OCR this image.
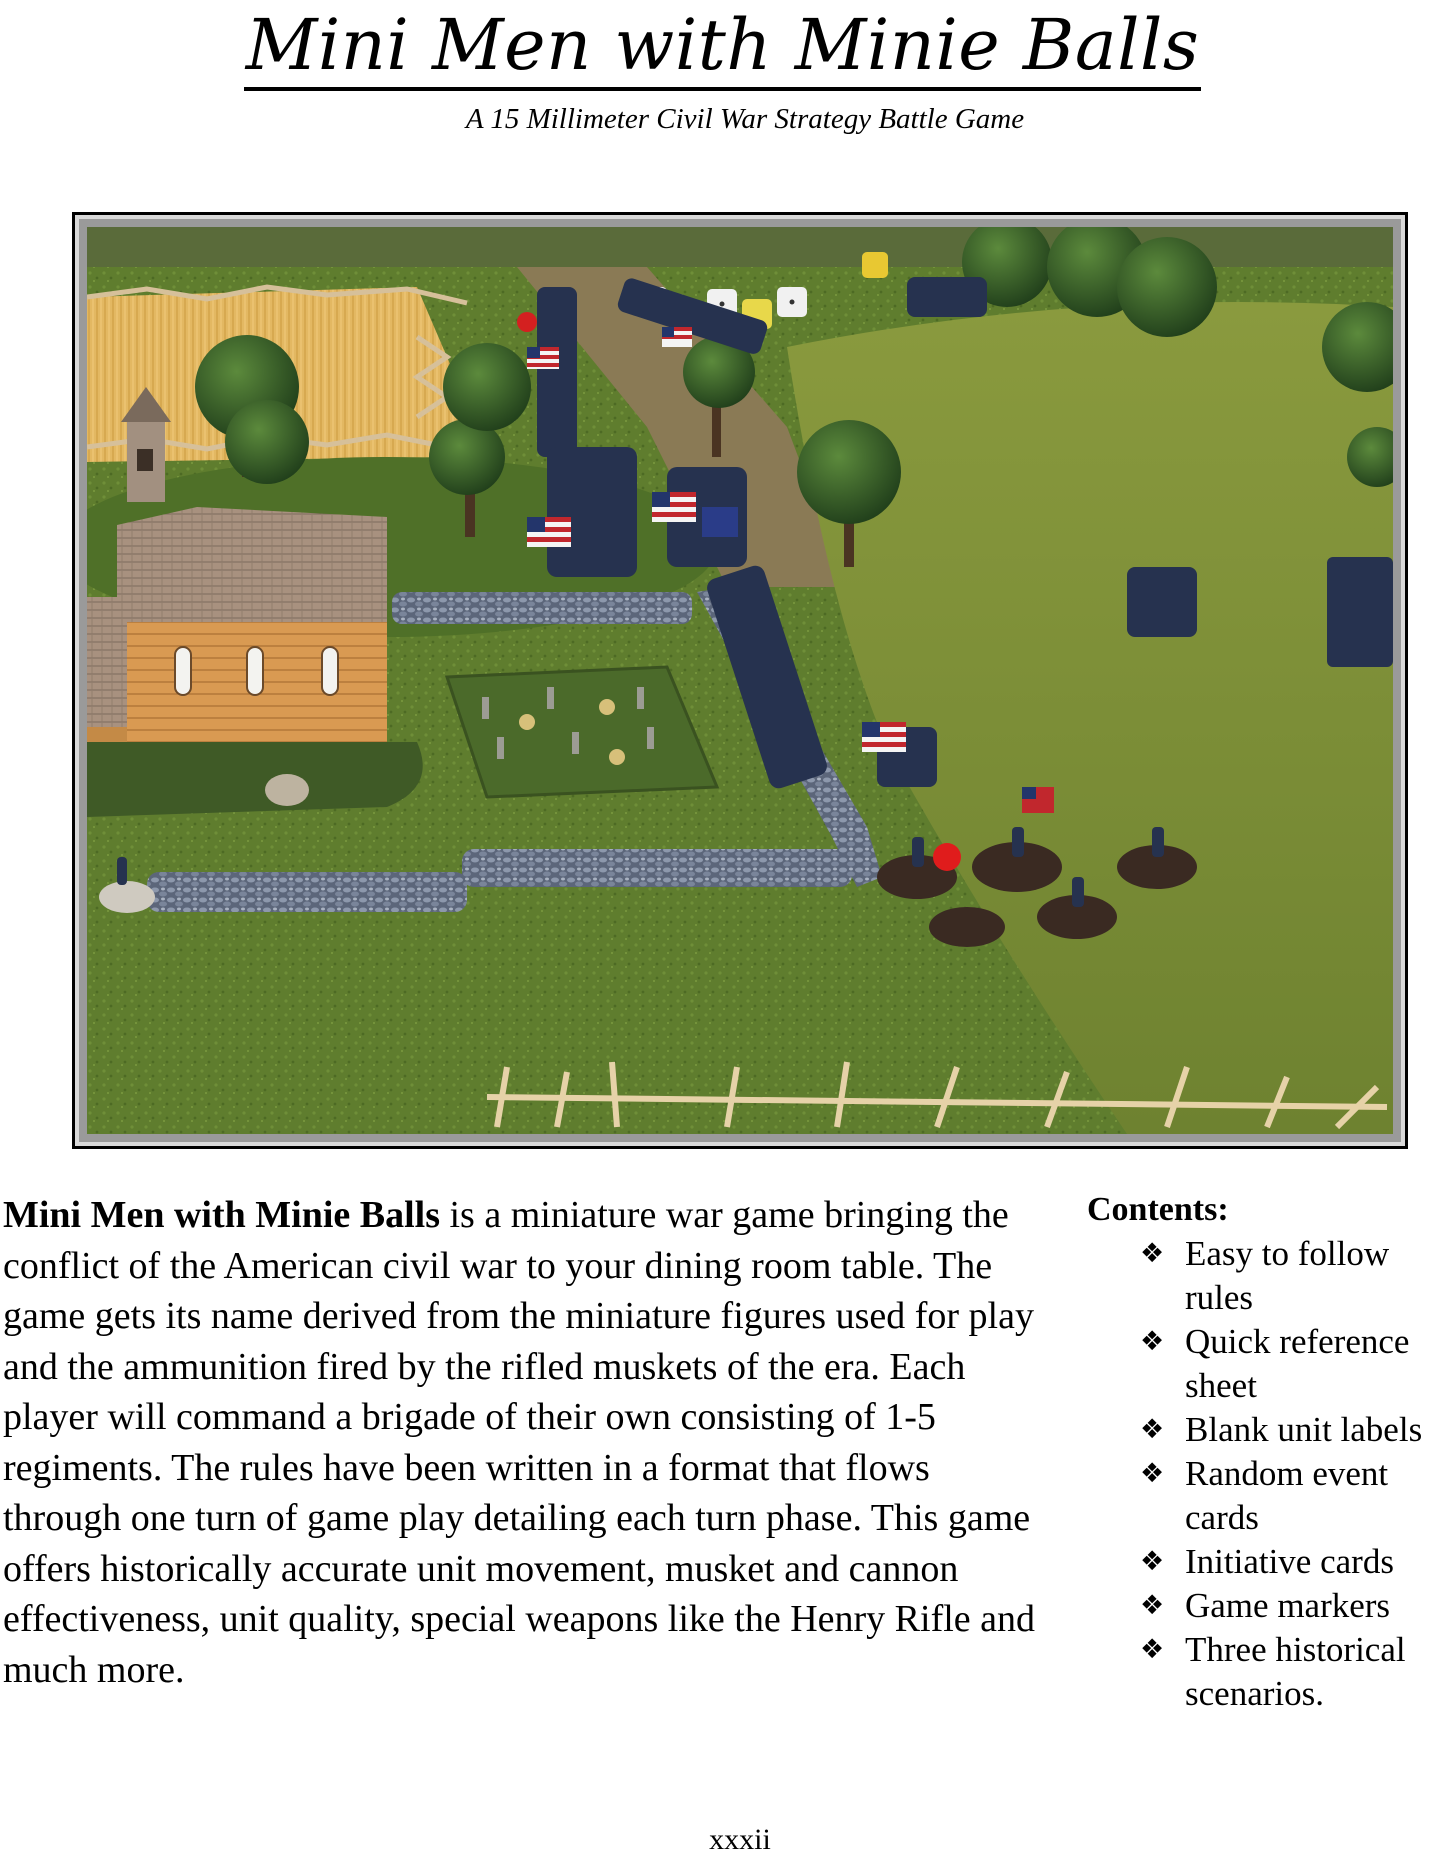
Mini Men with Minie Balls
A 15 Millimeter Civil War Strategy Battle Game
Mini Men with Minie Balls is a miniature war game bringing the conflict of the American civil war to your dining room table. The game gets its name derived from the miniature figures used for play and the ammunition fired by the rifled muskets of the era. Each player will command a brigade of their own consisting of 1-5 regiments. The rules have been written in a format that flows through one turn of game play detailing each turn phase. This game offers historically accurate unit movement, musket and cannon effectiveness, unit quality, special weapons like the Henry Rifle and much more.
Contents:
❖ Easy to follow rules
❖ Quick reference sheet
❖ Blank unit labels
❖ Random event cards
❖ Initiative cards
❖ Game markers
❖ Three historical scenarios.
xxxii
